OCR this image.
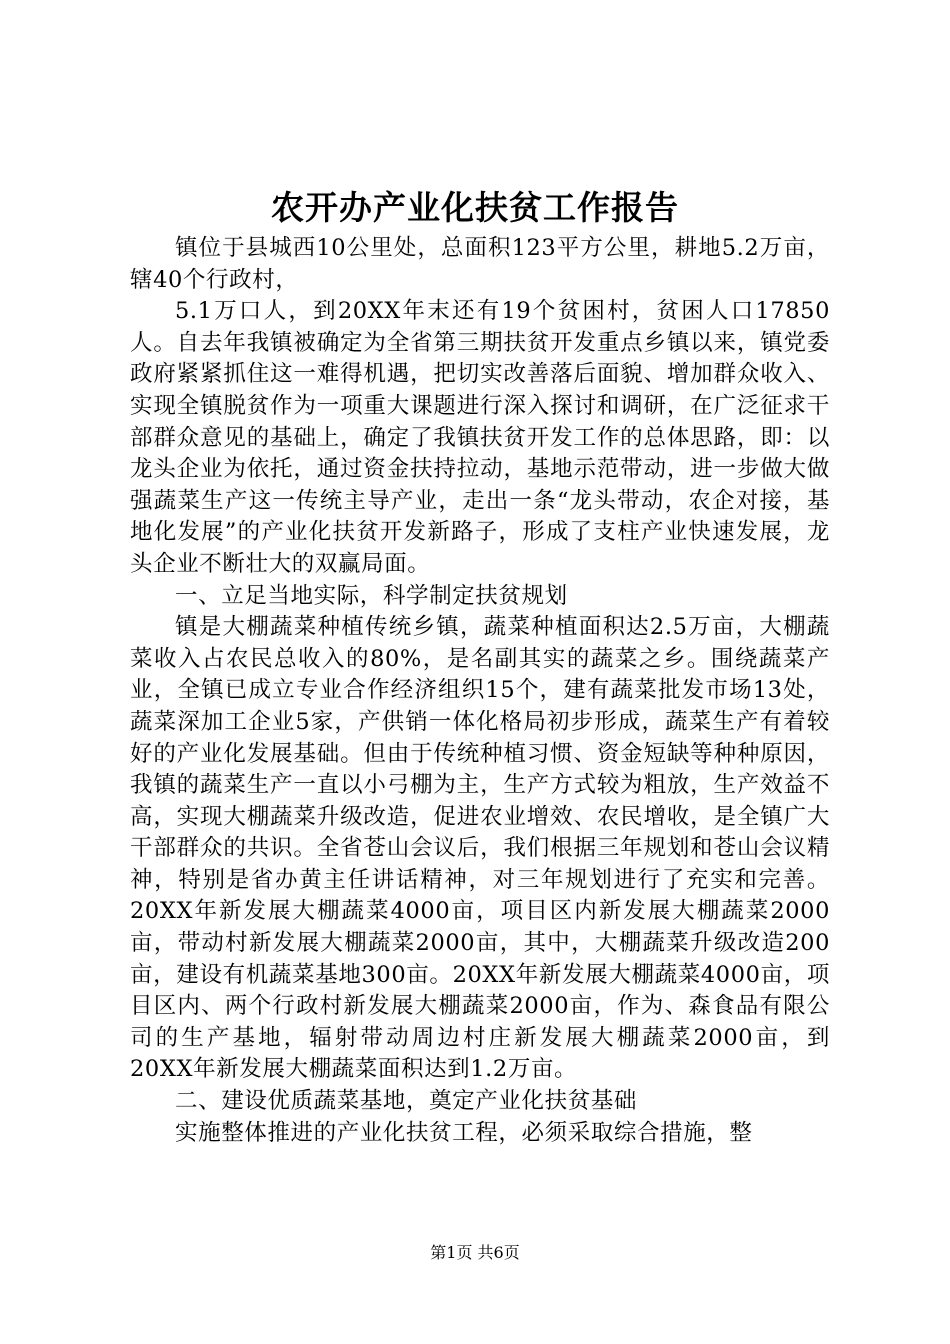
农开办产业化扶贫工作报告

镇位于县城西10公里处，总面积123平方公里，耕地5.2万亩，辖40个行政村，

5.1万口人，到20XX年末还有19个贫困村，贫困人口17850人。自去年我镇被确定为全省第三期扶贫开发重点乡镇以来，镇党委政府紧紧抓住这一难得机遇，把切实改善落后面貌、增加群众收入、实现全镇脱贫作为一项重大课题进行深入探讨和调研，在广泛征求干部群众意见的基础上，确定了我镇扶贫开发工作的总体思路，即：以龙头企业为依托，通过资金扶持拉动，基地示范带动，进一步做大做强蔬菜生产这一传统主导产业，走出一条“龙头带动，农企对接，基地化发展”的产业化扶贫开发新路子，形成了支柱产业快速发展，龙头企业不断壮大的双赢局面。

一、立足当地实际，科学制定扶贫规划

镇是大棚蔬菜种植传统乡镇，蔬菜种植面积达2.5万亩，大棚蔬菜收入占农民总收入的80%，是名副其实的蔬菜之乡。围绕蔬菜产业，全镇已成立专业合作经济组织15个，建有蔬菜批发市场13处，蔬菜深加工企业5家，产供销一体化格局初步形成，蔬菜生产有着较好的产业化发展基础。但由于传统种植习惯、资金短缺等种种原因，我镇的蔬菜生产一直以小弓棚为主，生产方式较为粗放，生产效益不高，实现大棚蔬菜升级改造，促进农业增效、农民增收，是全镇广大干部群众的共识。全省苍山会议后，我们根据三年规划和苍山会议精神，特别是省办黄主任讲话精神，对三年规划进行了充实和完善。20XX年新发展大棚蔬菜4000亩，项目区内新发展大棚蔬菜2000亩，带动村新发展大棚蔬菜2000亩，其中，大棚蔬菜升级改造200亩，建设有机蔬菜基地300亩。20XX年新发展大棚蔬菜4000亩，项目区内、两个行政村新发展大棚蔬菜2000亩，作为、森食品有限公司的生产基地，辐射带动周边村庄新发展大棚蔬菜2000亩，到20XX年新发展大棚蔬菜面积达到1.2万亩。

二、建设优质蔬菜基地，奠定产业化扶贫基础

实施整体推进的产业化扶贫工程，必须采取综合措施，整

第1页 共6页
